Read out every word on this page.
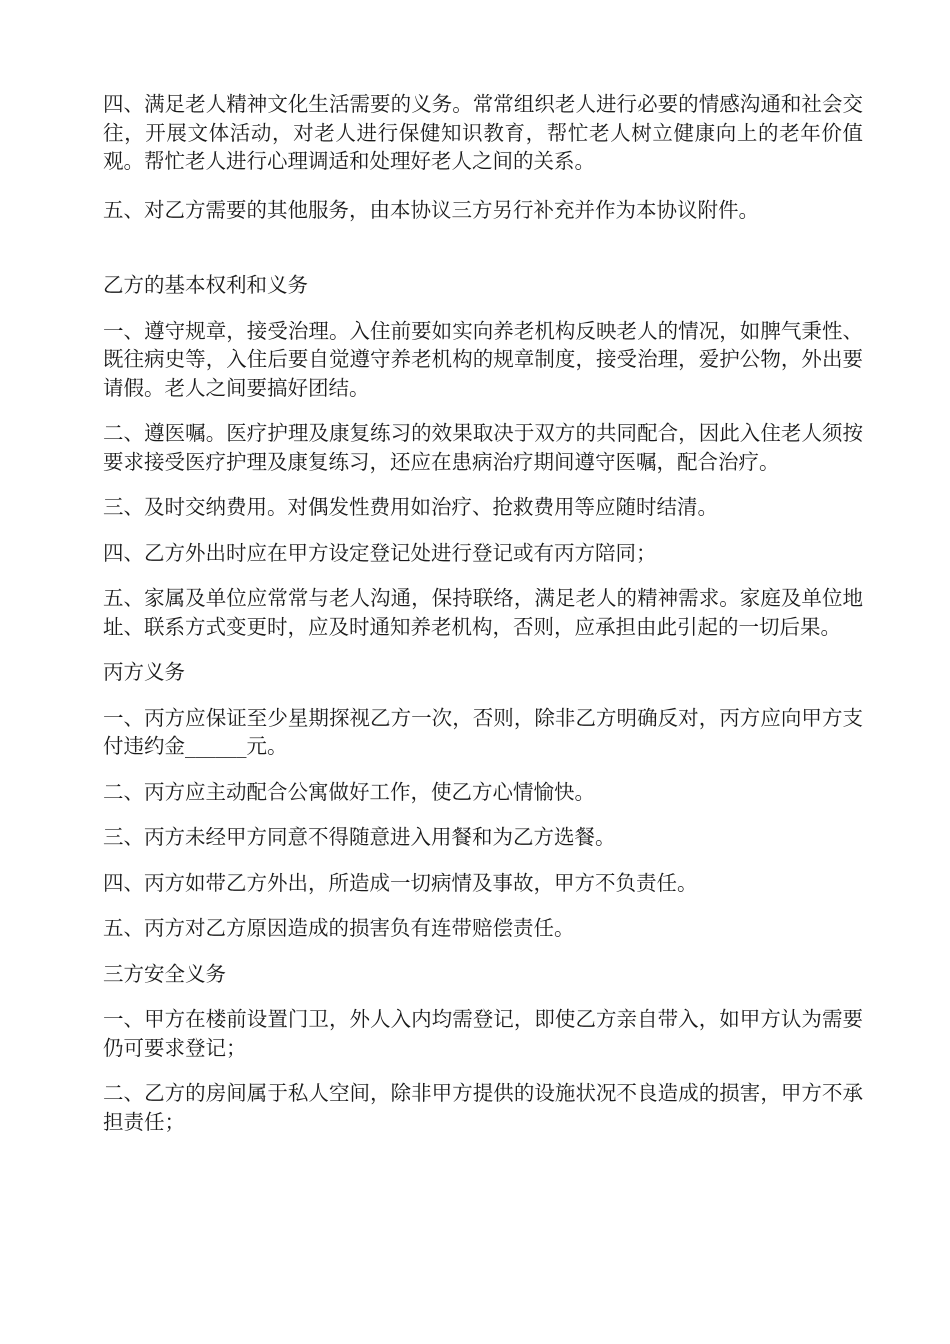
四、满足老人精神文化生活需要的义务。常常组织老人进行必要的情感沟通和社会交往，开展文体活动，对老人进行保健知识教育，帮忙老人树立健康向上的老年价值观。帮忙老人进行心理调适和处理好老人之间的关系。

五、对乙方需要的其他服务，由本协议三方另行补充并作为本协议附件。

乙方的基本权利和义务

一、遵守规章，接受治理。入住前要如实向养老机构反映老人的情况，如脾气秉性、既往病史等，入住后要自觉遵守养老机构的规章制度，接受治理，爱护公物，外出要请假。老人之间要搞好团结。

二、遵医嘱。医疗护理及康复练习的效果取决于双方的共同配合，因此入住老人须按要求接受医疗护理及康复练习，还应在患病治疗期间遵守医嘱，配合治疗。

三、及时交纳费用。对偶发性费用如治疗、抢救费用等应随时结清。

四、乙方外出时应在甲方设定登记处进行登记或有丙方陪同；

五、家属及单位应常常与老人沟通，保持联络，满足老人的精神需求。家庭及单位地址、联系方式变更时，应及时通知养老机构，否则，应承担由此引起的一切后果。

丙方义务

一、丙方应保证至少星期探视乙方一次，否则，除非乙方明确反对，丙方应向甲方支付违约金______元。

二、丙方应主动配合公寓做好工作，使乙方心情愉快。

三、丙方未经甲方同意不得随意进入用餐和为乙方选餐。

四、丙方如带乙方外出，所造成一切病情及事故，甲方不负责任。

五、丙方对乙方原因造成的损害负有连带赔偿责任。

三方安全义务

一、甲方在楼前设置门卫，外人入内均需登记，即使乙方亲自带入，如甲方认为需要仍可要求登记；

二、乙方的房间属于私人空间，除非甲方提供的设施状况不良造成的损害，甲方不承担责任；
